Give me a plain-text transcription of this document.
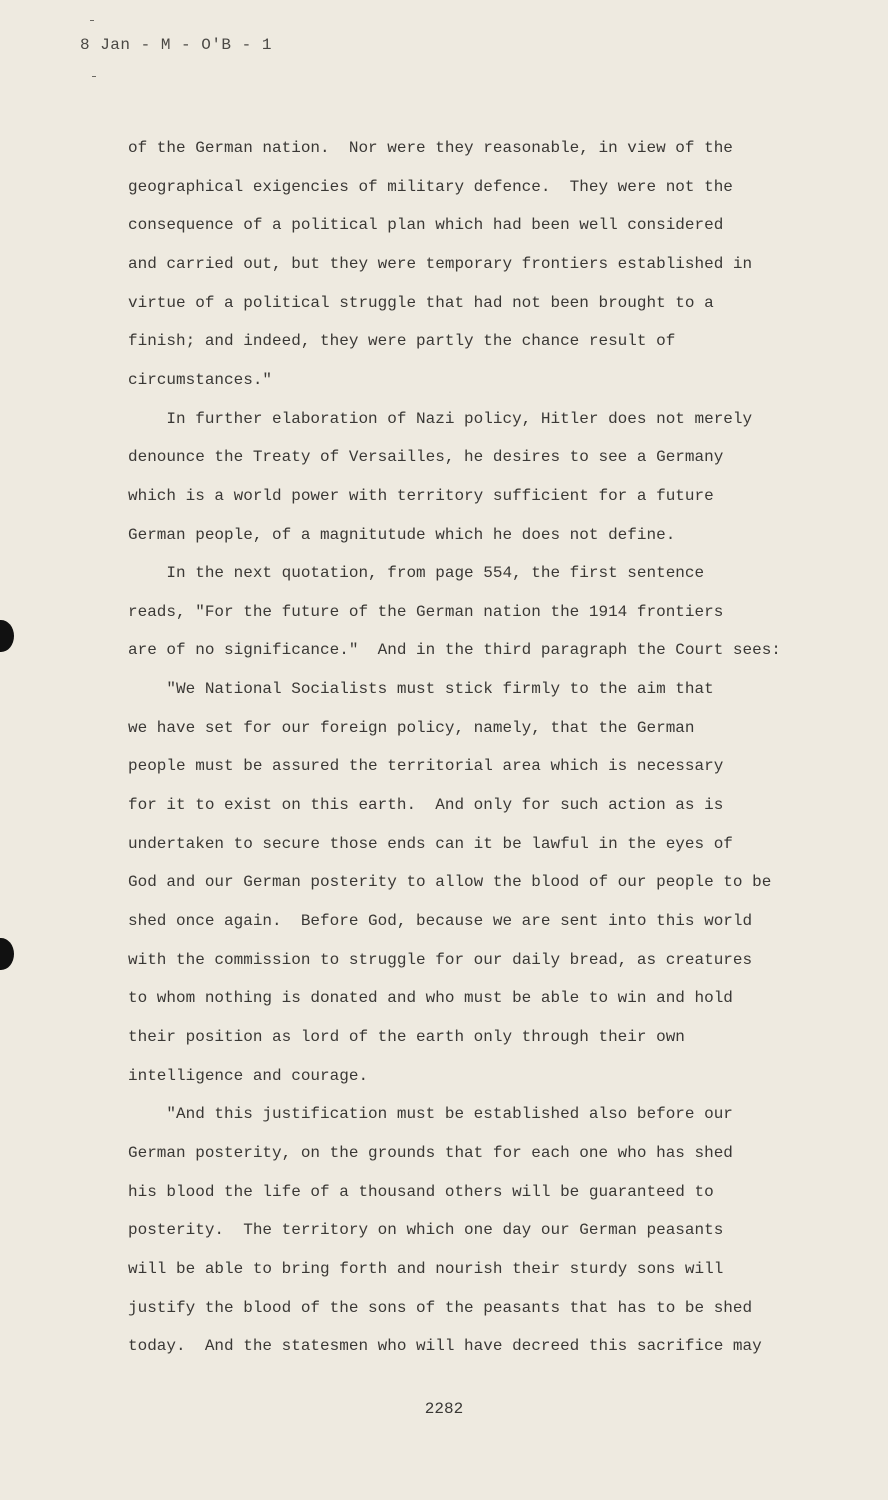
8 Jan - M - O'B - 1
of the German nation.  Nor were they reasonable, in view of the
geographical exigencies of military defence.  They were not the
consequence of a political plan which had been well considered
and carried out, but they were temporary frontiers established in
virtue of a political struggle that had not been brought to a
finish; and indeed, they were partly the chance result of
circumstances."
In further elaboration of Nazi policy, Hitler does not merely
denounce the Treaty of Versailles, he desires to see a Germany
which is a world power with territory sufficient for a future
German people, of a magnitutude which he does not define.
In the next quotation, from page 554, the first sentence
reads, "For the future of the German nation the 1914 frontiers
are of no significance."  And in the third paragraph the Court sees:
"We National Socialists must stick firmly to the aim that
we have set for our foreign policy, namely, that the German
people must be assured the territorial area which is necessary
for it to exist on this earth.  And only for such action as is
undertaken to secure those ends can it be lawful in the eyes of
God and our German posterity to allow the blood of our people to be
shed once again.  Before God, because we are sent into this world
with the commission to struggle for our daily bread, as creatures
to whom nothing is donated and who must be able to win and hold
their position as lord of the earth only through their own
intelligence and courage.
"And this justification must be established also before our
German posterity, on the grounds that for each one who has shed
his blood the life of a thousand others will be guaranteed to
posterity.  The territory on which one day our German peasants
will be able to bring forth and nourish their sturdy sons will
justify the blood of the sons of the peasants that has to be shed
today.  And the statesmen who will have decreed this sacrifice may
2282
